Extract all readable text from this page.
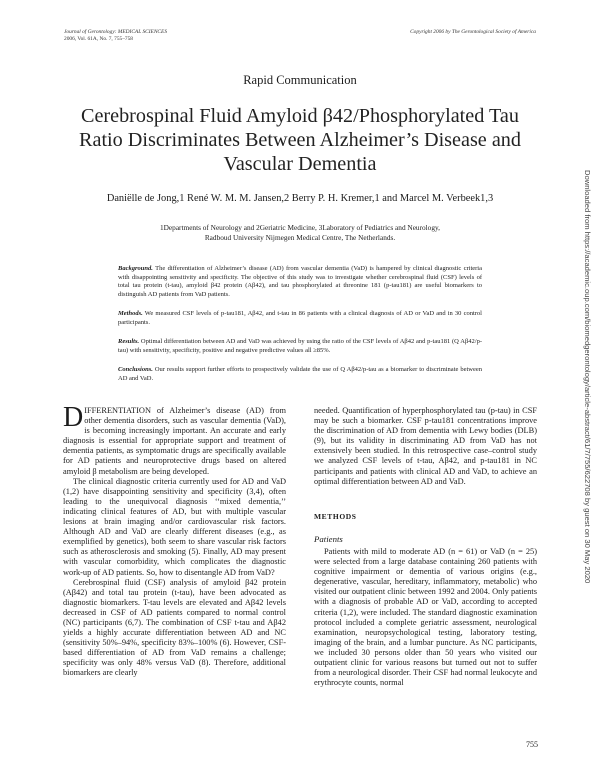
Journal of Gerontology: MEDICAL SCIENCES
2006, Vol. 61A, No. 7, 755–758
Copyright 2006 by The Gerontological Society of America
Rapid Communication
Cerebrospinal Fluid Amyloid β42/Phosphorylated Tau Ratio Discriminates Between Alzheimer’s Disease and Vascular Dementia
Daniëlle de Jong,1 René W. M. M. Jansen,2 Berry P. H. Kremer,1 and Marcel M. Verbeek1,3
1Departments of Neurology and 2Geriatric Medicine, 3Laboratory of Pediatrics and Neurology,
Radboud University Nijmegen Medical Centre, The Netherlands.
Background. The differentiation of Alzheimer’s disease (AD) from vascular dementia (VaD) is hampered by clinical diagnostic criteria with disappointing sensitivity and specificity. The objective of this study was to investigate whether cerebrospinal fluid (CSF) levels of total tau protein (t-tau), amyloid β42 protein (Aβ42), and tau phosphorylated at threonine 181 (p-tau181) are useful biomarkers to distinguish AD patients from VaD patients.
Methods. We measured CSF levels of p-tau181, Aβ42, and t-tau in 86 patients with a clinical diagnosis of AD or VaD and in 30 control participants.
Results. Optimal differentiation between AD and VaD was achieved by using the ratio of the CSF levels of Aβ42 and p-tau181 (Q Aβ42/p-tau) with sensitivity, specificity, positive and negative predictive values all ≥85%.
Conclusions. Our results support further efforts to prospectively validate the use of Q Aβ42/p-tau as a biomarker to discriminate between AD and VaD.

DIFFERENTIATION of Alzheimer’s disease (AD) from other dementia disorders, such as vascular dementia (VaD), is becoming increasingly important. An accurate and early diagnosis is essential for appropriate support and treatment of dementia patients, as symptomatic drugs are specifically available for AD patients and neuroprotective drugs based on altered amyloid β metabolism are being developed.

The clinical diagnostic criteria currently used for AD and VaD (1,2) have disappointing sensitivity and specificity (3,4), often leading to the unequivocal diagnosis ‘‘mixed dementia,’’ indicating clinical features of AD, but with multiple vascular lesions at brain imaging and/or cardiovascular risk factors. Although AD and VaD are clearly different diseases (e.g., as exemplified by genetics), both seem to share vascular risk factors such as atherosclerosis and smoking (5). Finally, AD may present with vascular comorbidity, which complicates the diagnostic work-up of AD patients. So, how to disentangle AD from VaD?

Cerebrospinal fluid (CSF) analysis of amyloid β42 protein (Aβ42) and total tau protein (t-tau), have been advocated as diagnostic biomarkers. T-tau levels are elevated and Aβ42 levels decreased in CSF of AD patients compared to normal control (NC) participants (6,7). The combination of CSF t-tau and Aβ42 yields a highly accurate differentiation between AD and NC (sensitivity 50%–94%, specificity 83%–100% (6). However, CSF-based differentiation of AD from VaD remains a challenge; specificity was only 48% versus VaD (8). Therefore, additional biomarkers are clearly

needed. Quantification of hyperphosphorylated tau (p-tau) in CSF may be such a biomarker. CSF p-tau181 concentrations improve the discrimination of AD from dementia with Lewy bodies (DLB) (9), but its validity in discriminating AD from VaD has not extensively been studied. In this retrospective case–control study we analyzed CSF levels of t-tau, Aβ42, and p-tau181 in NC participants and patients with clinical AD and VaD, to achieve an optimal differentiation between AD and VaD.

METHODS

Patients

Patients with mild to moderate AD (n = 61) or VaD (n = 25) were selected from a large database containing 260 patients with cognitive impairment or dementia of various origins (e.g., degenerative, vascular, hereditary, inflammatory, metabolic) who visited our outpatient clinic between 1992 and 2004. Only patients with a diagnosis of probable AD or VaD, according to accepted criteria (1,2), were included. The standard diagnostic examination protocol included a complete geriatric assessment, neurological examination, neuropsychological testing, laboratory testing, imaging of the brain, and a lumbar puncture. As NC participants, we included 30 persons older than 50 years who visited our outpatient clinic for various reasons but turned out not to suffer from a neurological disorder. Their CSF had normal leukocyte and erythrocyte counts, normal

Downloaded from https://academic.oup.com/biomedgerontology/article-abstract/61/7/755/622708 by guest on 30 May 2020
755
